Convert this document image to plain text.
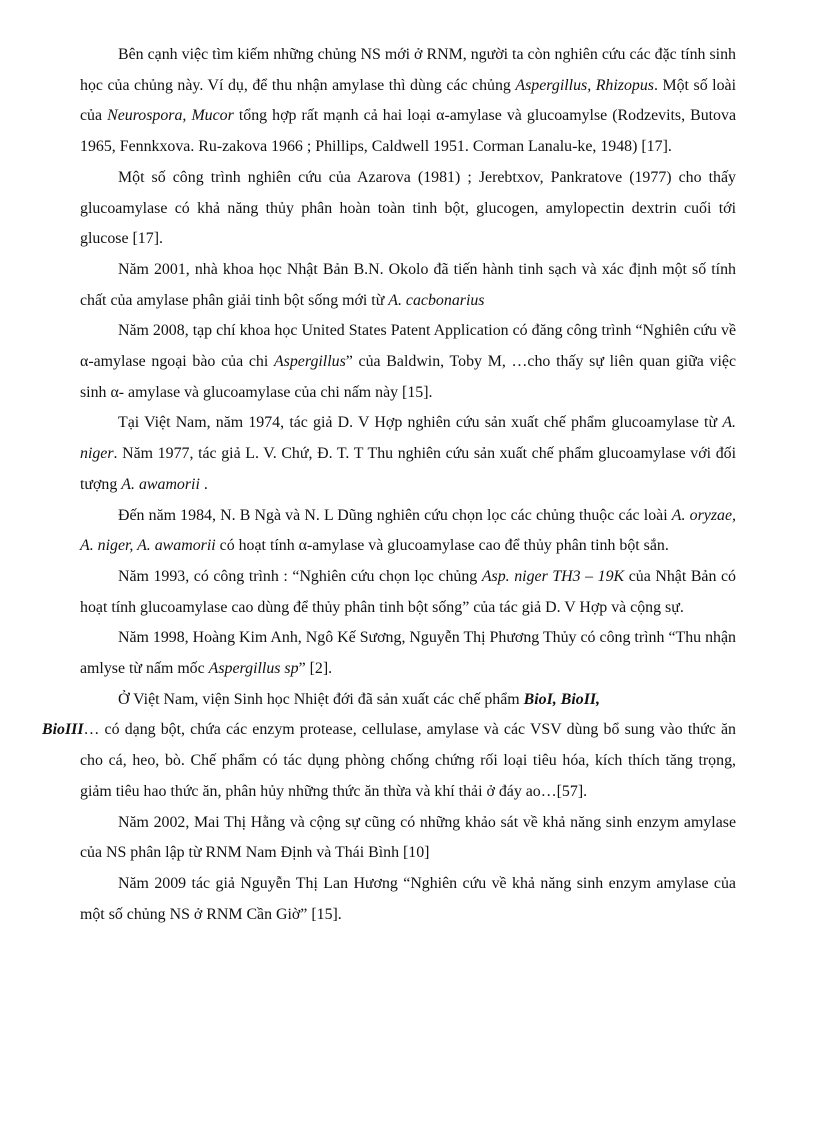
Bên cạnh việc tìm kiếm những chủng NS mới ở RNM, người ta còn nghiên cứu các đặc tính sinh học của chủng này. Ví dụ, để thu nhận amylase thì dùng các chủng Aspergillus, Rhizopus. Một số loài của Neurospora, Mucor tổng hợp rất mạnh cả hai loại α-amylase và glucoamylse (Rodzevits, Butova 1965, Fennkxova. Ru-zakova 1966 ; Phillips, Caldwell 1951. Corman Lanalu-ke, 1948) [17].

Một số công trình nghiên cứu của Azarova (1981) ; Jerebtxov, Pankratove (1977) cho thấy glucoamylase có khả năng thủy phân hoàn toàn tinh bột, glucogen, amylopectin dextrin cuối tới glucose [17].

Năm 2001, nhà khoa học Nhật Bản B.N. Okolo đã tiến hành tinh sạch và xác định một số tính chất của amylase phân giải tinh bột sống mới từ A. cacbonarius

Năm 2008, tạp chí khoa học United States Patent Application có đăng công trình “Nghiên cứu về α-amylase ngoại bào của chi Aspergillus” của Baldwin, Toby M, …cho thấy sự liên quan giữa việc sinh α- amylase và glucoamylase của chi nấm này [15].

Tại Việt Nam, năm 1974, tác giả D. V Hợp nghiên cứu sản xuất chế phẩm glucoamylase từ A. niger. Năm 1977, tác giả L. V. Chứ, Đ. T. T Thu nghiên cứu sản xuất chế phẩm glucoamylase với đối tượng A. awamorii .

Đến năm 1984, N. B Ngà và N. L Dũng nghiên cứu chọn lọc các chủng thuộc các loài A. oryzae, A. niger, A. awamorii có hoạt tính α-amylase và glucoamylase cao để thủy phân tinh bột sắn.

Năm 1993, có công trình : “Nghiên cứu chọn lọc chủng Asp. niger TH3 – 19K của Nhật Bản có hoạt tính glucoamylase cao dùng để thủy phân tinh bột sống” của tác giả D. V Hợp và cộng sự.

Năm 1998, Hoàng Kim Anh, Ngô Kế Sương, Nguyễn Thị Phương Thủy có công trình “Thu nhận amlyse từ nấm mốc Aspergillus sp” [2].

Ở Việt Nam, viện Sinh học Nhiệt đới đã sản xuất các chế phẩm BioI, BioII,
BioIII… có dạng bột, chứa các enzym protease, cellulase, amylase và các VSV dùng bổ sung vào thức ăn cho cá, heo, bò. Chế phẩm có tác dụng phòng chống chứng rối loại tiêu hóa, kích thích tăng trọng, giảm tiêu hao thức ăn, phân hủy những thức ăn thừa và khí thải ở đáy ao…[57].

Năm 2002, Mai Thị Hằng và cộng sự cũng có những khảo sát về khả năng sinh enzym amylase của NS phân lập từ RNM Nam Định và Thái Bình [10]

Năm 2009 tác giả Nguyễn Thị Lan Hương “Nghiên cứu về khả năng sinh enzym amylase của một số chủng NS ở RNM Cần Giờ” [15].
